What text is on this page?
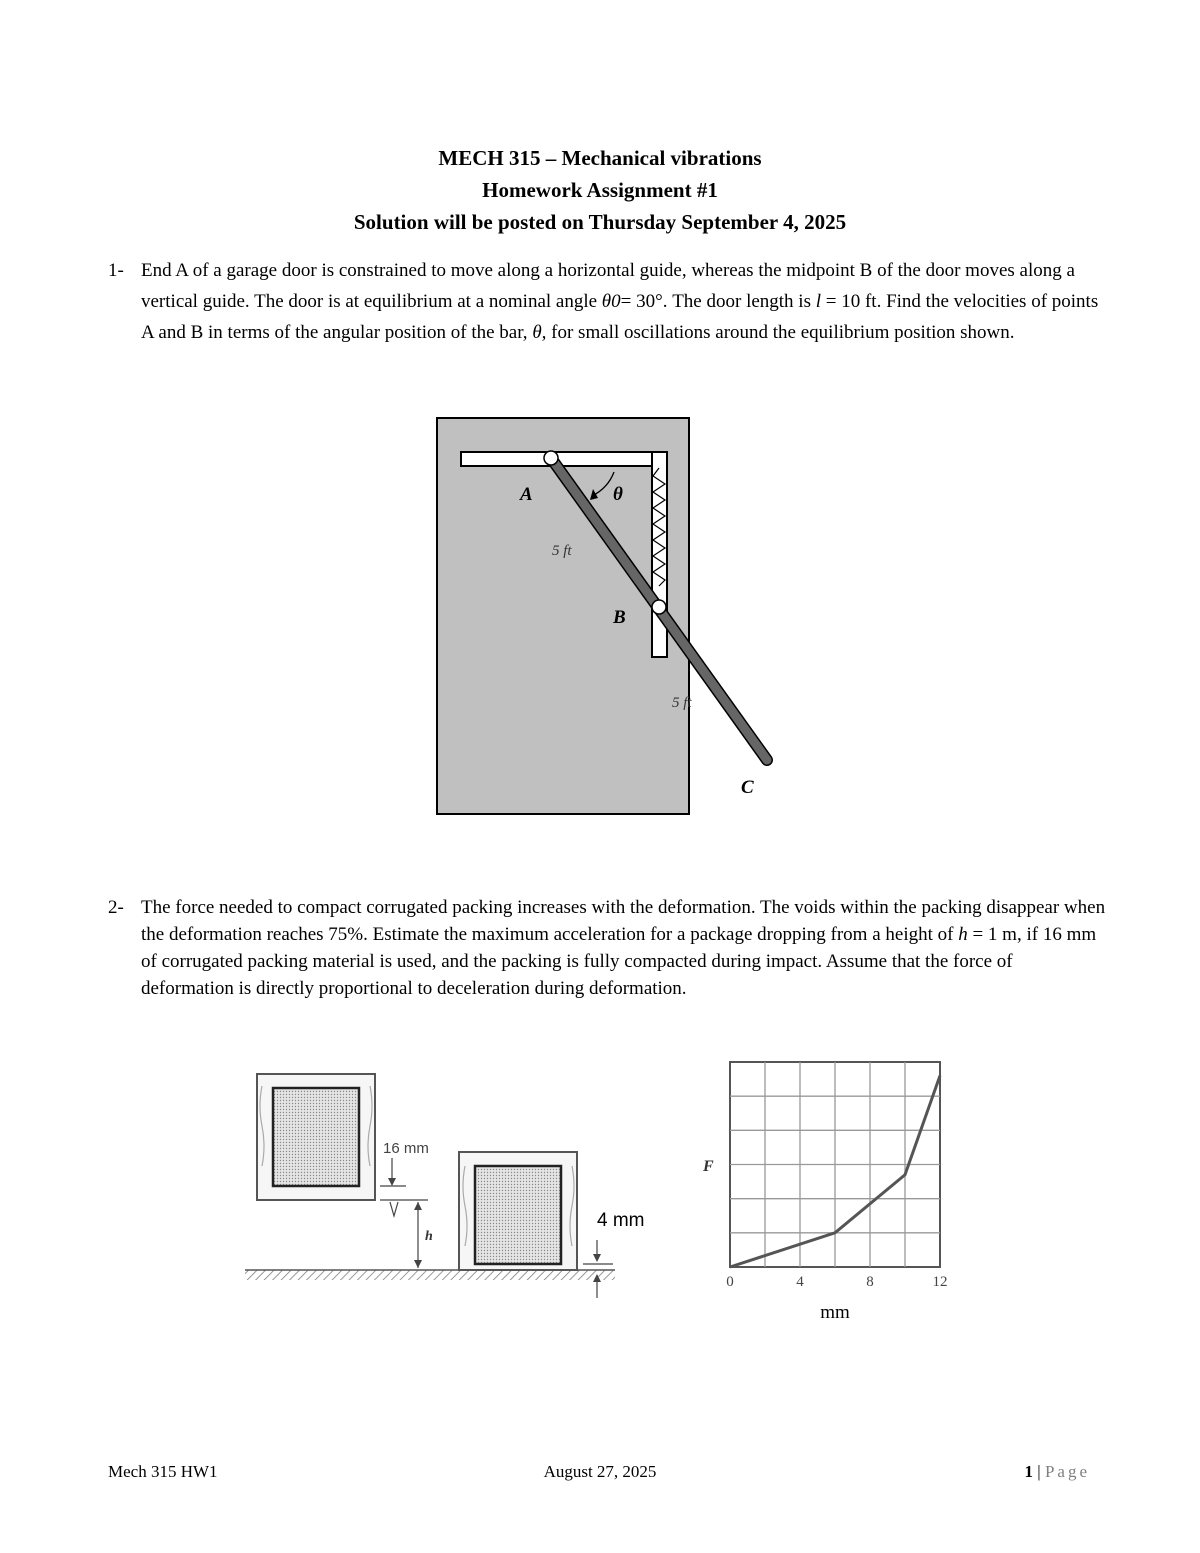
MECH 315 – Mechanical vibrations
Homework Assignment #1
Solution will be posted on Thursday September 4, 2025
1- End A of a garage door is constrained to move along a horizontal guide, whereas the midpoint B of the door moves along a vertical guide. The door is at equilibrium at a nominal angle θ0= 30°. The door length is l = 10 ft. Find the velocities of points A and B in terms of the angular position of the bar, θ, for small oscillations around the equilibrium position shown.
θ
A
5 ft
B
5 ft
C
2- The force needed to compact corrugated packing increases with the deformation. The voids within the packing disappear when the deformation reaches 75%. Estimate the maximum acceleration for a package dropping from a height of h = 1 m, if 16 mm of corrugated packing material is used, and the packing is fully compacted during impact. Assume that the force of deformation is directly proportional to deceleration during deformation.
16 mm
h
4 mm
F
0	4	8	12
mm
Mech 315 HW1	August 27, 2025	1 | Page
